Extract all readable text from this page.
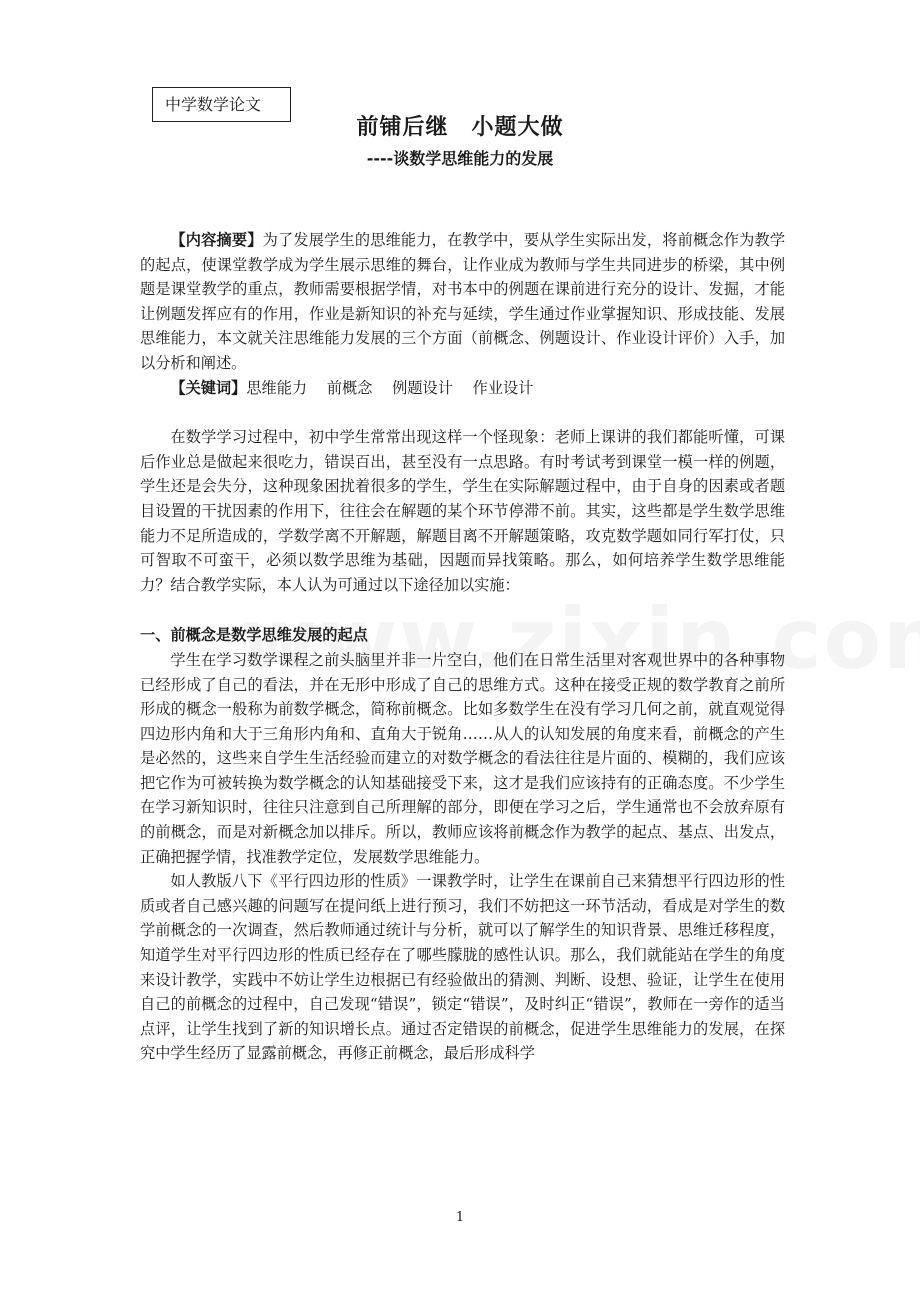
中学数学论文
前铺后继　小题大做
----谈数学思维能力的发展

【内容摘要】为了发展学生的思维能力，在教学中，要从学生实际出发，将前概念作为教学的起点，使课堂教学成为学生展示思维的舞台，让作业成为教师与学生共同进步的桥梁，其中例题是课堂教学的重点，教师需要根据学情，对书本中的例题在课前进行充分的设计、发掘，才能让例题发挥应有的作用，作业是新知识的补充与延续，学生通过作业掌握知识、形成技能、发展思维能力，本文就关注思维能力发展的三个方面（前概念、例题设计、作业设计评价）入手，加以分析和阐述。

【关键词】思维能力 前概念 例题设计 作业设计

在数学学习过程中，初中学生常常出现这样一个怪现象：老师上课讲的我们都能听懂，可课后作业总是做起来很吃力，错误百出，甚至没有一点思路。有时考试考到课堂一模一样的例题，学生还是会失分，这种现象困扰着很多的学生，学生在实际解题过程中，由于自身的因素或者题目设置的干扰因素的作用下，往往会在解题的某个环节停滞不前。其实，这些都是学生数学思维能力不足所造成的，学数学离不开解题，解题目离不开解题策略，攻克数学题如同行军打仗，只可智取不可蛮干，必须以数学思维为基础，因题而异找策略。那么，如何培养学生数学思维能力？结合教学实际，本人认为可通过以下途径加以实施：

一、前概念是数学思维发展的起点

学生在学习数学课程之前头脑里并非一片空白，他们在日常生活里对客观世界中的各种事物已经形成了自己的看法，并在无形中形成了自己的思维方式。这种在接受正规的数学教育之前所形成的概念一般称为前数学概念，简称前概念。比如多数学生在没有学习几何之前，就直观觉得四边形内角和大于三角形内角和、直角大于锐角……从人的认知发展的角度来看，前概念的产生是必然的，这些来自学生生活经验而建立的对数学概念的看法往往是片面的、模糊的，我们应该把它作为可被转换为数学概念的认知基础接受下来，这才是我们应该持有的正确态度。不少学生在学习新知识时，往往只注意到自己所理解的部分，即便在学习之后，学生通常也不会放弃原有的前概念，而是对新概念加以排斥。所以，教师应该将前概念作为教学的起点、基点、出发点，正确把握学情，找准教学定位，发展数学思维能力。

如人教版八下《平行四边形的性质》一课教学时，让学生在课前自己来猜想平行四边形的性质或者自己感兴趣的问题写在提问纸上进行预习，我们不妨把这一环节活动，看成是对学生的数学前概念的一次调查，然后教师通过统计与分析，就可以了解学生的知识背景、思维迁移程度，知道学生对平行四边形的性质已经存在了哪些朦胧的感性认识。那么，我们就能站在学生的角度来设计教学，实践中不妨让学生边根据已有经验做出的猜测、判断、设想、验证，让学生在使用自己的前概念的过程中，自己发现“错误”，锁定“错误”，及时纠正“错误”，教师在一旁作的适当点评，让学生找到了新的知识增长点。通过否定错误的前概念，促进学生思维能力的发展，在探究中学生经历了显露前概念，再修正前概念，最后形成科学

1
